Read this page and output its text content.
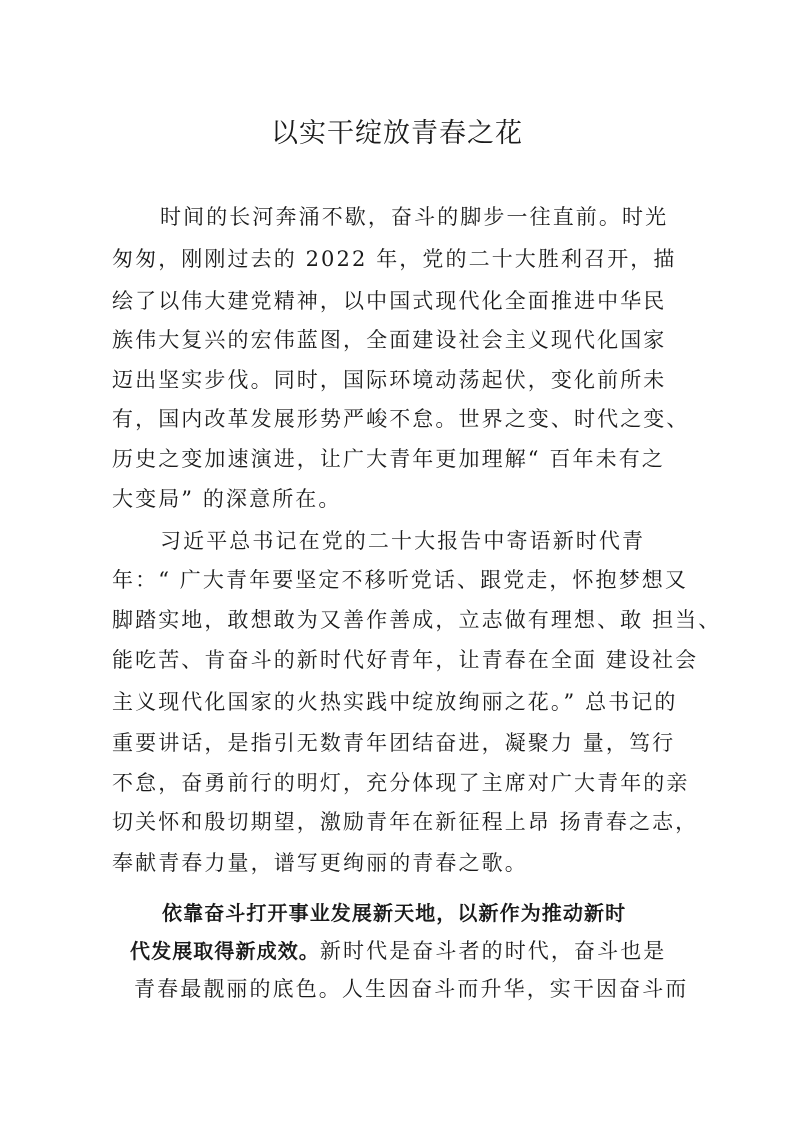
以实干绽放青春之花
时间的长河奔涌不歇，奋斗的脚步一往直前。时光
匆匆，刚刚过去的 2022 年，党的二十大胜利召开，描
绘了以伟大建党精神，以中国式现代化全面推进中华民
族伟大复兴的宏伟蓝图，全面建设社会主义现代化国家
迈出坚实步伐。同时，国际环境动荡起伏，变化前所未
有，国内改革发展形势严峻不怠。世界之变、时代之变、
历史之变加速演进，让广大青年更加理解“ 百年未有之
大变局” 的深意所在。
习近平总书记在党的二十大报告中寄语新时代青
年：“ 广大青年要坚定不移听党话、跟党走，怀抱梦想又
脚踏实地，敢想敢为又善作善成，立志做有理想、敢 担当、
能吃苦、肯奋斗的新时代好青年，让青春在全面 建设社会
主义现代化国家的火热实践中绽放绚丽之花。” 总书记的
重要讲话，是指引无数青年团结奋进，凝聚力 量，笃行
不怠，奋勇前行的明灯，充分体现了主席对广大青年的亲
切关怀和殷切期望，激励青年在新征程上昂 扬青春之志，
奉献青春力量，谱写更绚丽的青春之歌。
依靠奋斗打开事业发展新天地，以新作为推动新时
代发展取得新成效。新时代是奋斗者的时代，奋斗也是
青春最靓丽的底色。人生因奋斗而升华，实干因奋斗而
